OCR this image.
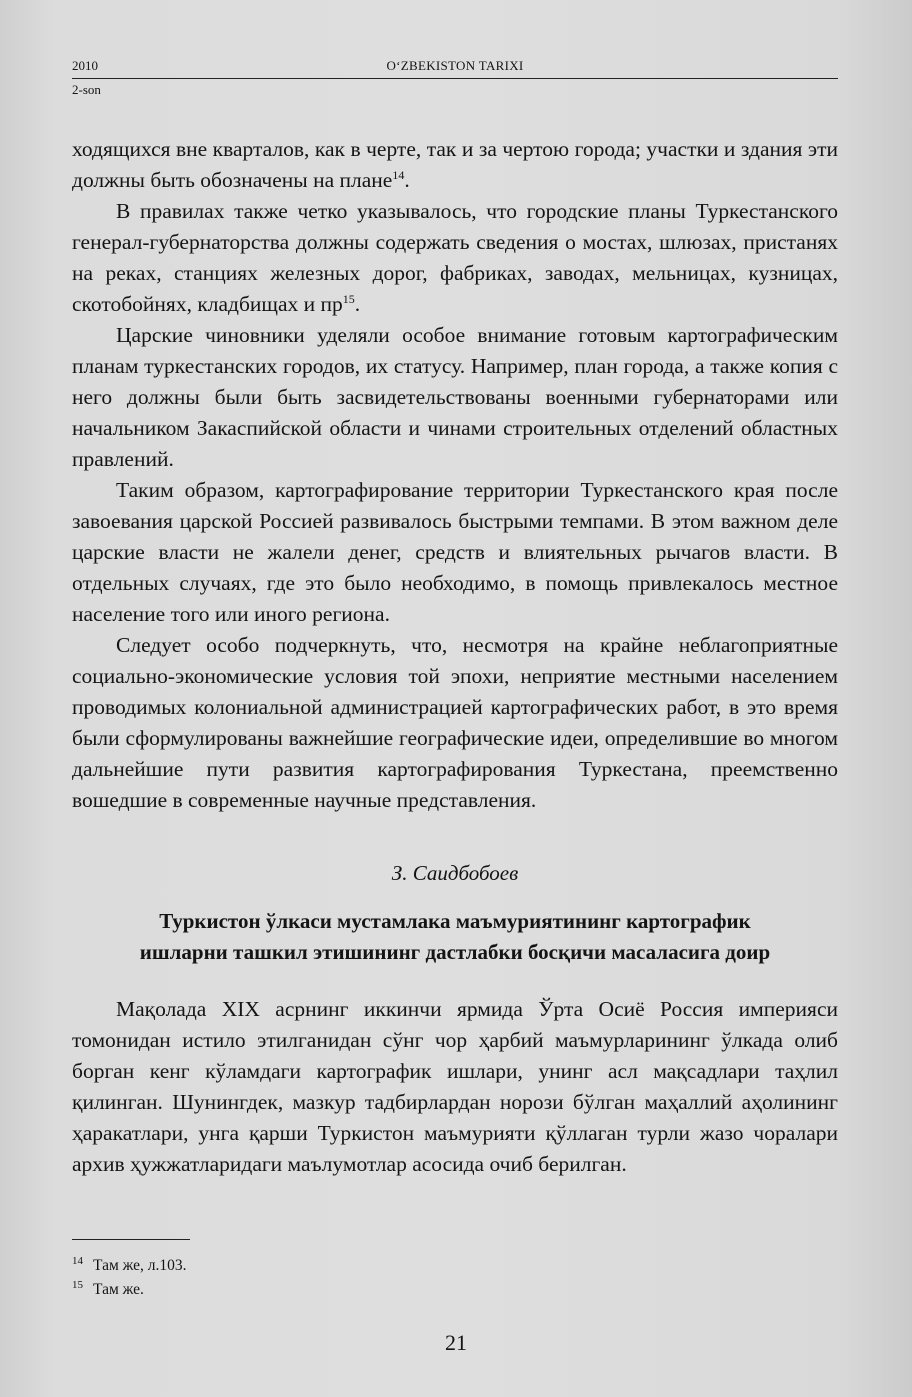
2010	O‘ZBEKISTON TARIXI
2-son

ходящихся вне кварталов, как в черте, так и за чертою города; участки и здания эти должны быть обозначены на плане$^{14}$.

В правилах также четко указывалось, что городские планы Туркестанского генерал-губернаторства должны содержать сведения о мостах, шлюзах, пристанях на реках, станциях железных дорог, фабриках, заводах, мельницах, кузницах, скотобойнях, кладбищах и $пр^{15}$.

Царские чиновники уделяли особое внимание готовым картографическим планам туркестанских городов, их статусу. Например, план города, а также копия с него должны были быть засвидетельствованы военными губернаторами или начальником Закаспийской области и чинами строительных отделений областных правлений.

Таким образом, картографирование территории Туркестанского края после завоевания царской Россией развивалось быстрыми темпами. В этом важном деле царские власти не жалели денег, средств и влиятельных рычагов власти. В отдельных случаях, где это было необходимо, в помощь привлекалось местное население того или иного региона.

Следует особо подчеркнуть, что, несмотря на крайне неблагоприятные социально-экономические условия той эпохи, неприятие местными населением проводимых колониальной администрацией картографических работ, в это время были сформулированы важнейшие географические идеи, определившие во многом дальнейшие пути развития картографирования Туркестана, преемственно вошедшие в современные научные представления.

З. Саидбобоев

Туркистон ўлкаси мустамлака маъмуриятининг картографик
ишларни ташкил этишининг дастлабки босқичи масаласига доир

Мақолада XIX асрнинг иккинчи ярмида Ўрта Осиё Россия империяси томонидан истило этилганидан сўнг чор ҳарбий маъмурларининг ўлкада олиб борган кенг кўламдаги картографик ишлари, унинг асл мақсадлари таҳлил қилинган. Шунингдек, мазкур тадбирлардан норози бўлган маҳаллий аҳолининг ҳаракатлари, унга қарши Туркистон маъмурияти қўллаган турли жазо чоралари архив ҳужжатларидаги маълумотлар асосида очиб берилган.

$^{14}$ Там же, л.103.
$^{15}$ Там же.
21
